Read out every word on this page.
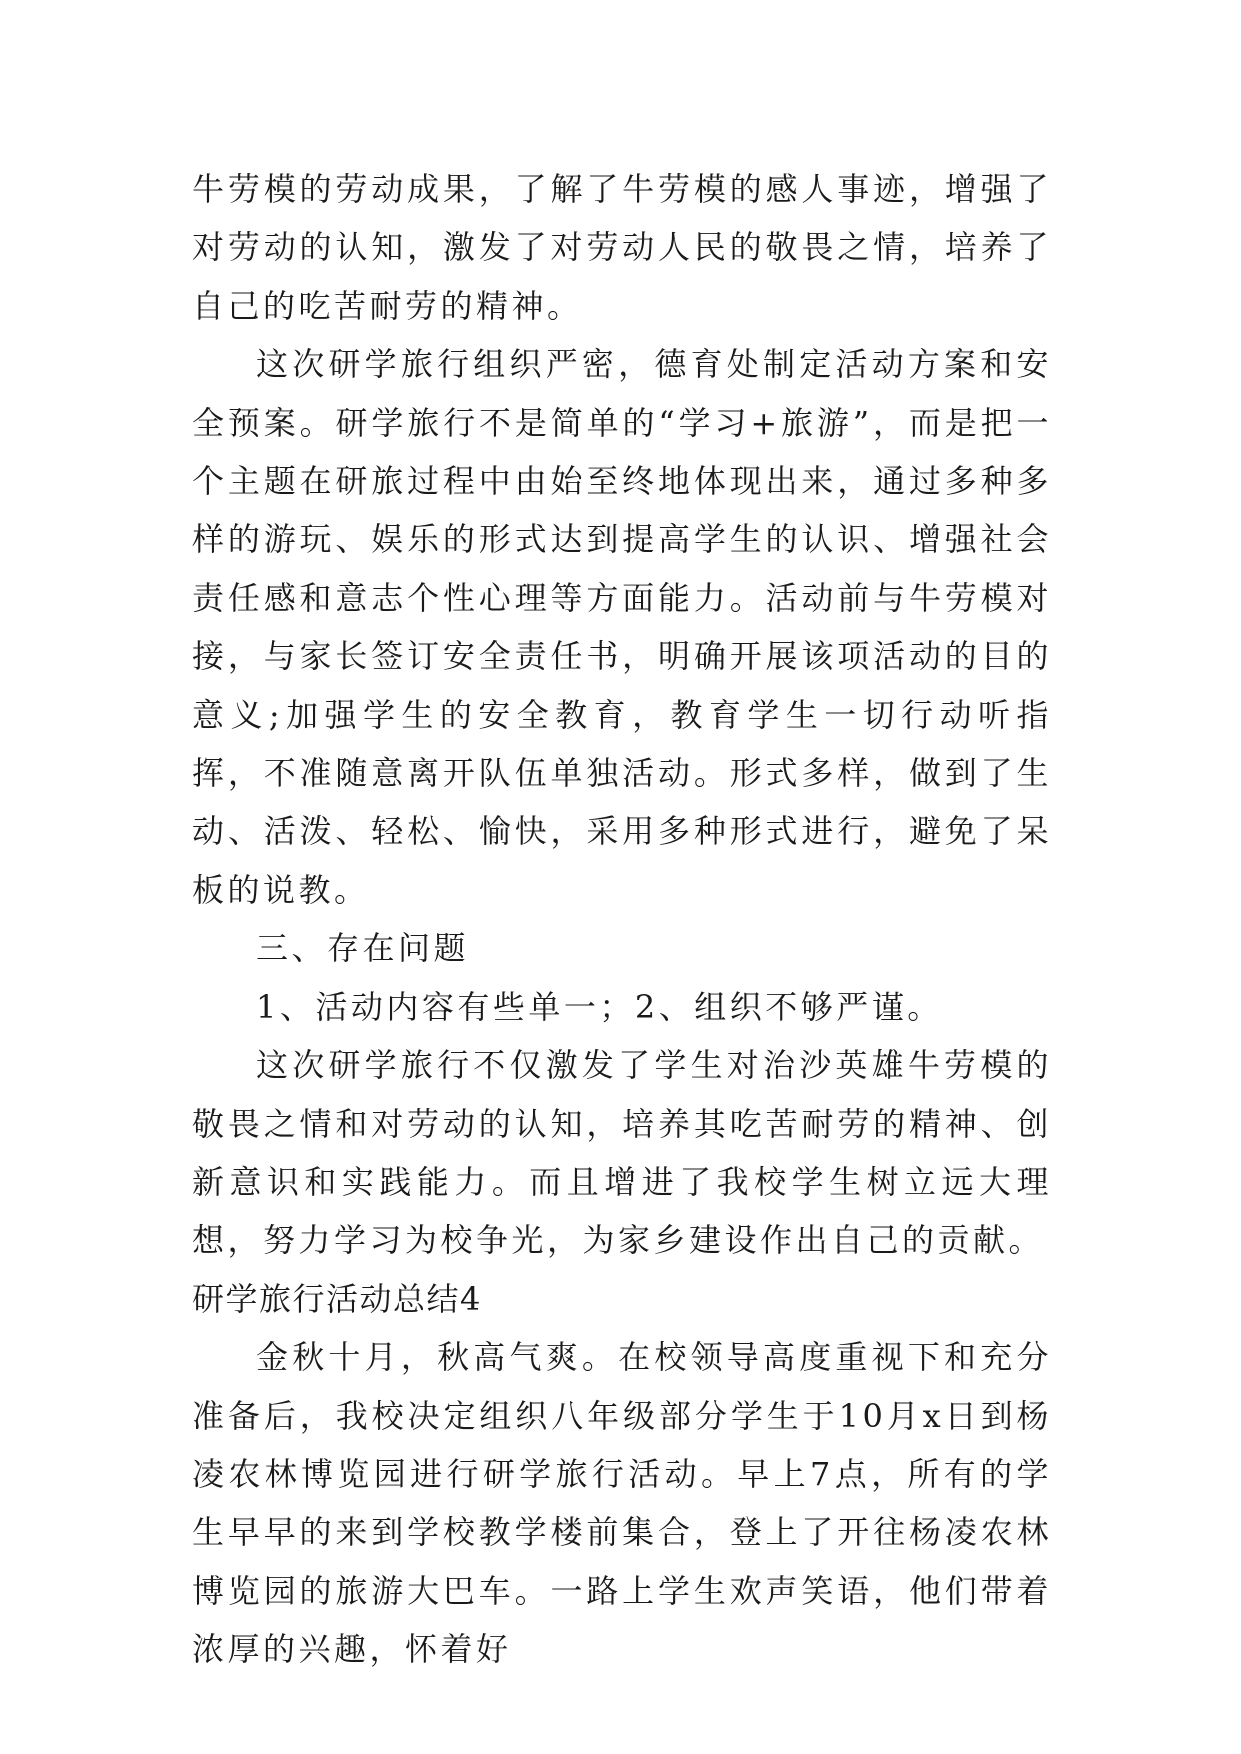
牛劳模的劳动成果，了解了牛劳模的感人事迹，增强了对劳动的认知，激发了对劳动人民的敬畏之情，培养了自己的吃苦耐劳的精神。

这次研学旅行组织严密，德育处制定活动方案和安全预案。研学旅行不是简单的“学习+旅游”，而是把一个主题在研旅过程中由始至终地体现出来，通过多种多样的游玩、娱乐的形式达到提高学生的认识、增强社会责任感和意志个性心理等方面能力。活动前与牛劳模对接，与家长签订安全责任书，明确开展该项活动的目的意义;加强学生的安全教育，教育学生一切行动听指挥，不准随意离开队伍单独活动。形式多样，做到了生动、活泼、轻松、愉快，采用多种形式进行，避免了呆板的说教。

三、存在问题

1、活动内容有些单一；2、组织不够严谨。

这次研学旅行不仅激发了学生对治沙英雄牛劳模的敬畏之情和对劳动的认知，培养其吃苦耐劳的精神、创新意识和实践能力。而且增进了我校学生树立远大理想，努力学习为校争光，为家乡建设作出自己的贡献。

研学旅行活动总结4

金秋十月，秋高气爽。在校领导高度重视下和充分准备后，我校决定组织八年级部分学生于10月x日到杨凌农林博览园进行研学旅行活动。早上7点，所有的学生早早的来到学校教学楼前集合，登上了开往杨凌农林博览园的旅游大巴车。一路上学生欢声笑语，他们带着浓厚的兴趣，怀着好
